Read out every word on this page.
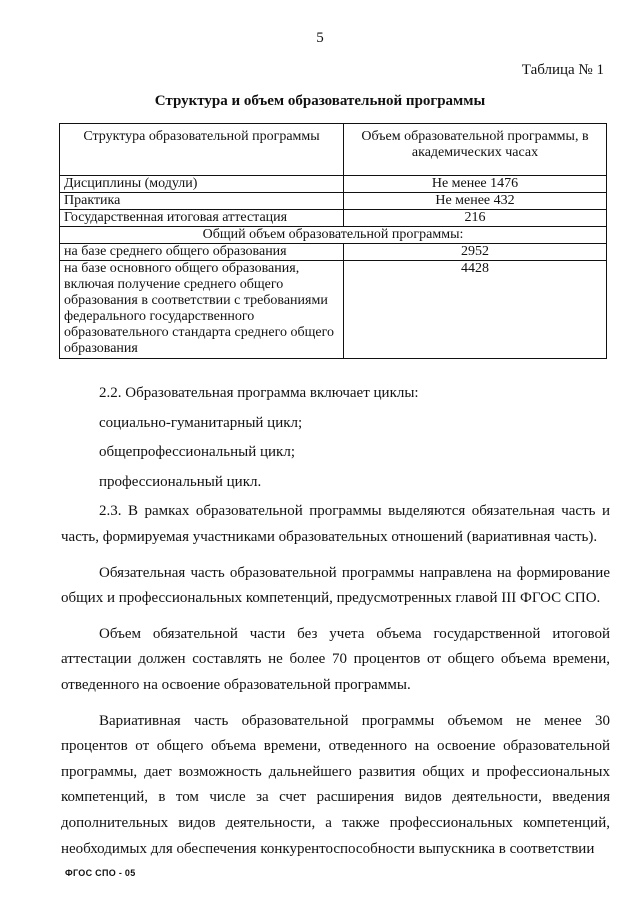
5
Таблица № 1
Структура и объем образовательной программы
Структура образовательной программы	Объем образовательной программы, в академических часах
Дисциплины (модули)	Не менее 1476
Практика	Не менее 432
Государственная итоговая аттестация	216
Общий объем образовательной программы:	
на базе среднего общего образования	2952
на базе основного общего образования, включая получение среднего общего образования в соответствии с требованиями федерального государственного образовательного стандарта среднего общего образования	4428

2.2. Образовательная программа включает циклы:

социально-гуманитарный цикл;

общепрофессиональный цикл;

профессиональный цикл.

2.3. В рамках образовательной программы выделяются обязательная часть и часть, формируемая участниками образовательных отношений (вариативная часть).

Обязательная часть образовательной программы направлена на формирование общих и профессиональных компетенций, предусмотренных главой III ФГОС СПО.

Объем обязательной части без учета объема государственной итоговой аттестации должен составлять не более 70 процентов от общего объема времени, отведенного на освоение образовательной программы.

Вариативная часть образовательной программы объемом не менее 30 процентов от общего объема времени, отведенного на освоение образовательной программы, дает возможность дальнейшего развития общих и профессиональных компетенций, в том числе за счет расширения видов деятельности, введения дополнительных видов деятельности, а также профессиональных компетенций, необходимых для обеспечения конкурентоспособности выпускника в соответствии

ФГОС СПО - 05
